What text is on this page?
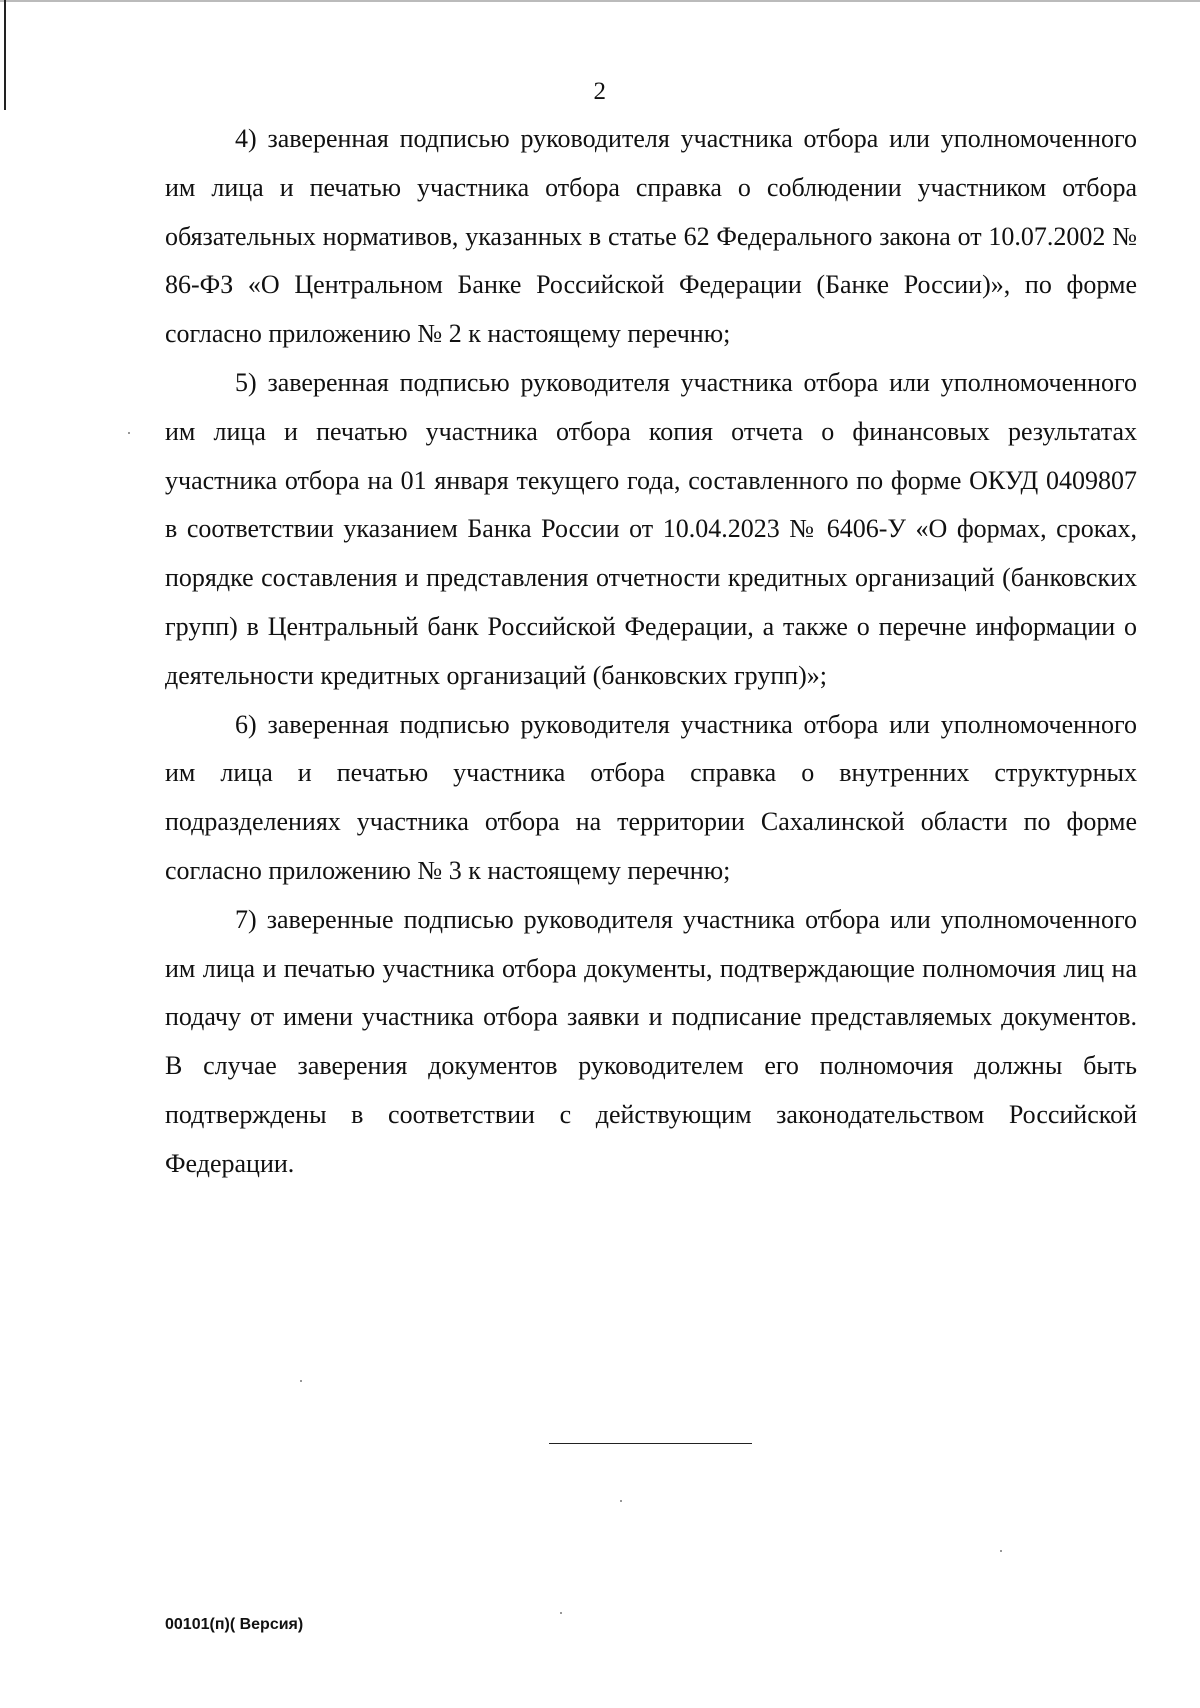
2

4) заверенная подписью руководителя участника отбора или уполномоченного им лица и печатью участника отбора справка о соблюдении участником отбора обязательных нормативов, указанных в статье 62 Федерального закона от 10.07.2002 № 86-ФЗ «О Центральном Банке Российской Федерации (Банке России)», по форме согласно приложению № 2 к настоящему перечню;

5) заверенная подписью руководителя участника отбора или уполномоченного им лица и печатью участника отбора копия отчета о финансовых результатах участника отбора на 01 января текущего года, составленного по форме ОКУД 0409807 в соответствии указанием Банка России от 10.04.2023 № 6406-У «О формах, сроках, порядке составления и представления отчетности кредитных организаций (банковских групп) в Центральный банк Российской Федерации, а также о перечне информации о деятельности кредитных организаций (банковских групп)»;

6) заверенная подписью руководителя участника отбора или уполномоченного им лица и печатью участника отбора справка о внутренних структурных подразделениях участника отбора на территории Сахалинской области по форме согласно приложению № 3 к настоящему перечню;

7) заверенные подписью руководителя участника отбора или уполномоченного им лица и печатью участника отбора документы, подтверждающие полномочия лиц на подачу от имени участника отбора заявки и подписание представляемых документов. В случае заверения документов руководителем его полномочия должны быть подтверждены в соответствии с действующим законодательством Российской Федерации.

00101(п)( Версия)
